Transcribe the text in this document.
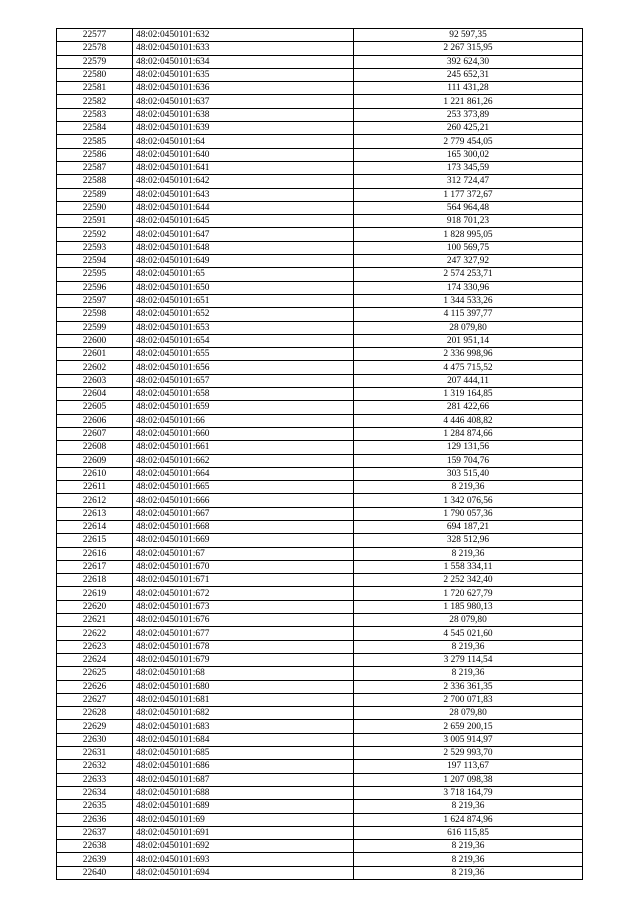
22577	48:02:0450101:632	92 597,35
22578	48:02:0450101:633	2 267 315,95
22579	48:02:0450101:634	392 624,30
22580	48:02:0450101:635	245 652,31
22581	48:02:0450101:636	111 431,28
22582	48:02:0450101:637	1 221 861,26
22583	48:02:0450101:638	253 373,89
22584	48:02:0450101:639	260 425,21
22585	48:02:0450101:64	2 779 454,05
22586	48:02:0450101:640	165 300,02
22587	48:02:0450101:641	173 345,59
22588	48:02:0450101:642	312 724,47
22589	48:02:0450101:643	1 177 372,67
22590	48:02:0450101:644	564 964,48
22591	48:02:0450101:645	918 701,23
22592	48:02:0450101:647	1 828 995,05
22593	48:02:0450101:648	100 569,75
22594	48:02:0450101:649	247 327,92
22595	48:02:0450101:65	2 574 253,71
22596	48:02:0450101:650	174 330,96
22597	48:02:0450101:651	1 344 533,26
22598	48:02:0450101:652	4 115 397,77
22599	48:02:0450101:653	28 079,80
22600	48:02:0450101:654	201 951,14
22601	48:02:0450101:655	2 336 998,96
22602	48:02:0450101:656	4 475 715,52
22603	48:02:0450101:657	207 444,11
22604	48:02:0450101:658	1 319 164,85
22605	48:02:0450101:659	281 422,66
22606	48:02:0450101:66	4 446 408,82
22607	48:02:0450101:660	1 284 874,66
22608	48:02:0450101:661	129 131,56
22609	48:02:0450101:662	159 704,76
22610	48:02:0450101:664	303 515,40
22611	48:02:0450101:665	8 219,36
22612	48:02:0450101:666	1 342 076,56
22613	48:02:0450101:667	1 790 057,36
22614	48:02:0450101:668	694 187,21
22615	48:02:0450101:669	328 512,96
22616	48:02:0450101:67	8 219,36
22617	48:02:0450101:670	1 558 334,11
22618	48:02:0450101:671	2 252 342,40
22619	48:02:0450101:672	1 720 627,79
22620	48:02:0450101:673	1 185 980,13
22621	48:02:0450101:676	28 079,80
22622	48:02:0450101:677	4 545 021,60
22623	48:02:0450101:678	8 219,36
22624	48:02:0450101:679	3 279 114,54
22625	48:02:0450101:68	8 219,36
22626	48:02:0450101:680	2 336 361,35
22627	48:02:0450101:681	2 700 071,83
22628	48:02:0450101:682	28 079,80
22629	48:02:0450101:683	2 659 200,15
22630	48:02:0450101:684	3 005 914,97
22631	48:02:0450101:685	2 529 993,70
22632	48:02:0450101:686	197 113,67
22633	48:02:0450101:687	1 207 098,38
22634	48:02:0450101:688	3 718 164,79
22635	48:02:0450101:689	8 219,36
22636	48:02:0450101:69	1 624 874,96
22637	48:02:0450101:691	616 115,85
22638	48:02:0450101:692	8 219,36
22639	48:02:0450101:693	8 219,36
22640	48:02:0450101:694	8 219,36
